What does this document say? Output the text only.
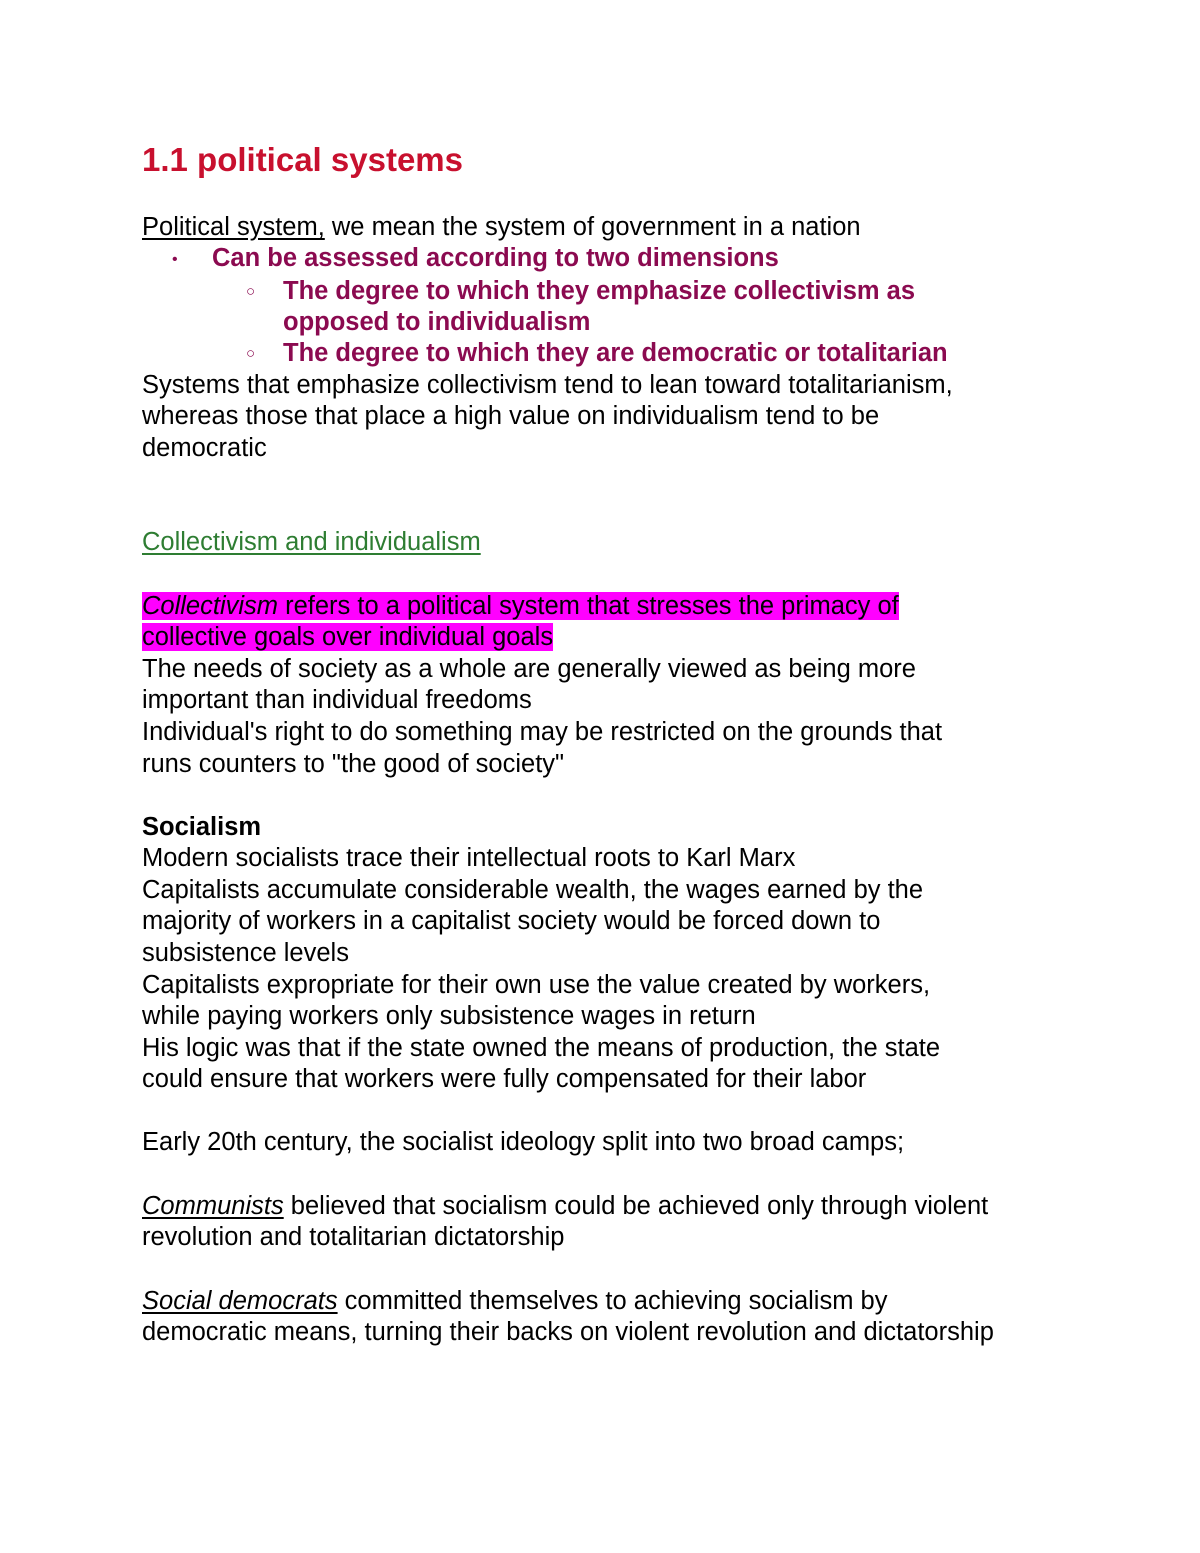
1.1 political systems
Political system, we mean the system of government in a nation
• Can be assessed according to two dimensions
○ The degree to which they emphasize collectivism as
opposed to individualism
○ The degree to which they are democratic or totalitarian
Systems that emphasize collectivism tend to lean toward totalitarianism,
whereas those that place a high value on individualism tend to be
democratic
Collectivism and individualism
Collectivism refers to a political system that stresses the primacy of
collective goals over individual goals
The needs of society as a whole are generally viewed as being more
important than individual freedoms
Individual's right to do something may be restricted on the grounds that
runs counters to "the good of society"
Socialism
Modern socialists trace their intellectual roots to Karl Marx
Capitalists accumulate considerable wealth, the wages earned by the
majority of workers in a capitalist society would be forced down to
subsistence levels
Capitalists expropriate for their own use the value created by workers,
while paying workers only subsistence wages in return
His logic was that if the state owned the means of production, the state
could ensure that workers were fully compensated for their labor
Early 20th century, the socialist ideology split into two broad camps;
Communists believed that socialism could be achieved only through violent
revolution and totalitarian dictatorship
Social democrats committed themselves to achieving socialism by
democratic means, turning their backs on violent revolution and dictatorship
